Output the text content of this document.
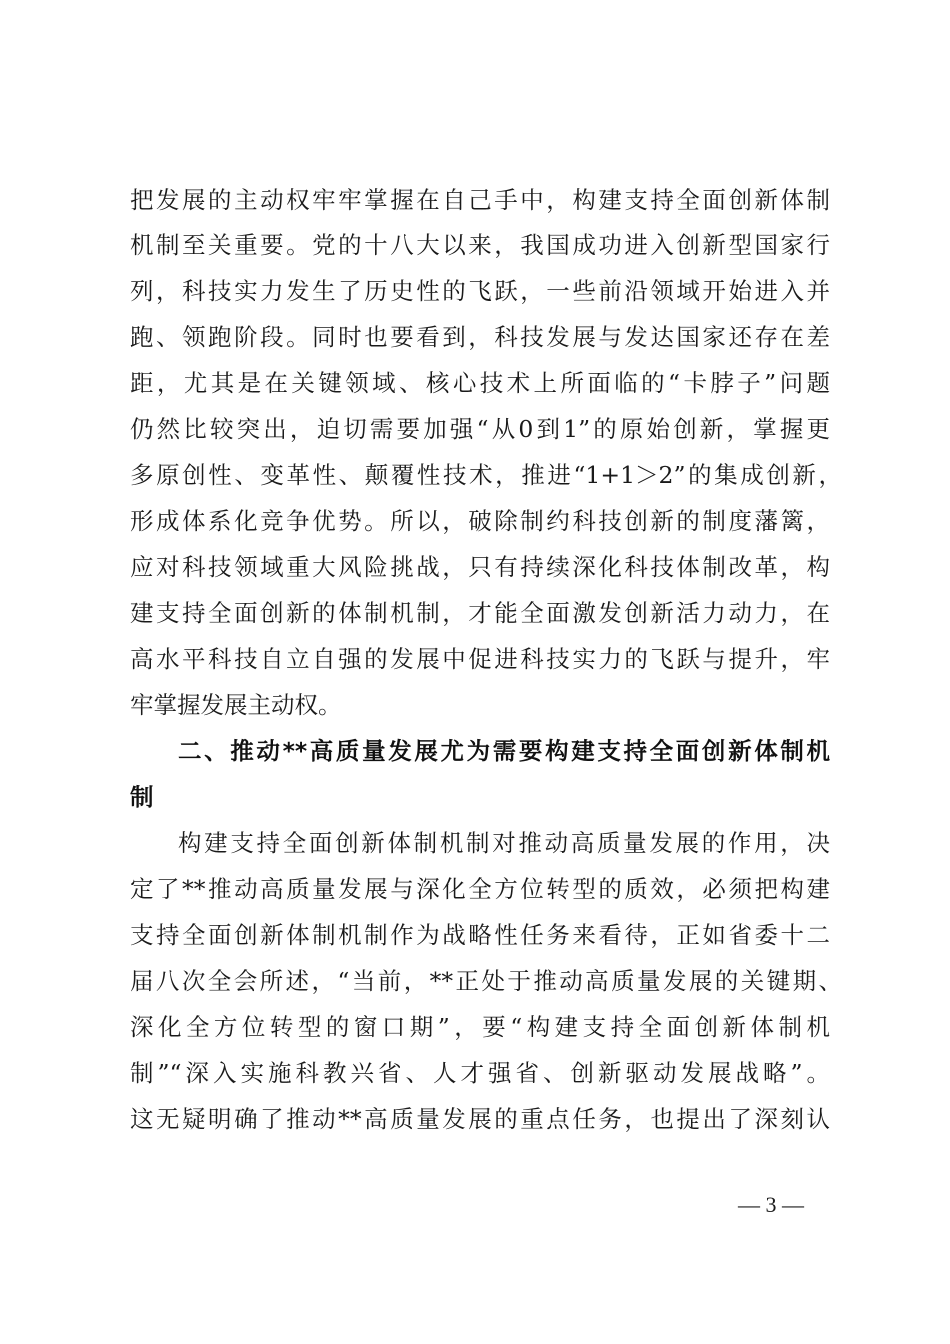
把发展的主动权牢牢掌握在自己手中，构建支持全面创新体制
机制至关重要。党的十八大以来，我国成功进入创新型国家行
列，科技实力发生了历史性的飞跃，一些前沿领域开始进入并
跑、领跑阶段。同时也要看到，科技发展与发达国家还存在差
距，尤其是在关键领域、核心技术上所面临的“卡脖子”问题
仍然比较突出，迫切需要加强“从0到1”的原始创新，掌握更
多原创性、变革性、颠覆性技术，推进“1+1＞2”的集成创新，
形成体系化竞争优势。所以，破除制约科技创新的制度藩篱，
应对科技领域重大风险挑战，只有持续深化科技体制改革，构
建支持全面创新的体制机制，才能全面激发创新活力动力，在
高水平科技自立自强的发展中促进科技实力的飞跃与提升，牢
牢掌握发展主动权。
二、推动**高质量发展尤为需要构建支持全面创新体制机
制
构建支持全面创新体制机制对推动高质量发展的作用，决
定了**推动高质量发展与深化全方位转型的质效，必须把构建
支持全面创新体制机制作为战略性任务来看待，正如省委十二
届八次全会所述，“当前，**正处于推动高质量发展的关键期、
深化全方位转型的窗口期”，要“构建支持全面创新体制机
制”“深入实施科教兴省、人才强省、创新驱动发展战略”。
这无疑明确了推动**高质量发展的重点任务，也提出了深刻认
— 3 —
